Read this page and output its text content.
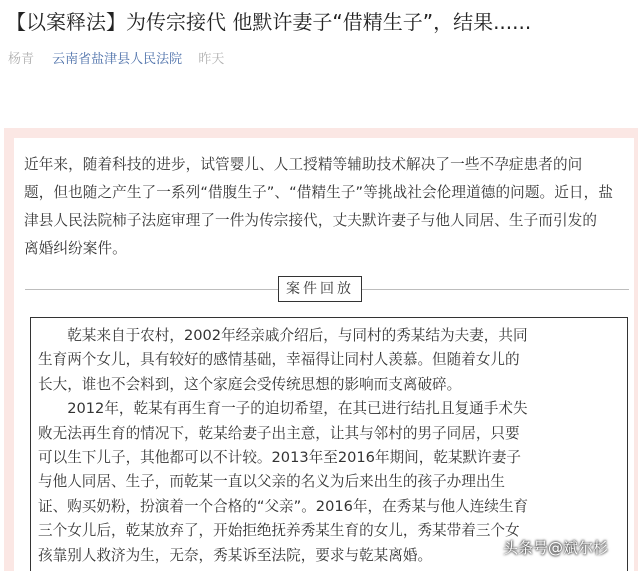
【以案释法】为传宗接代 他默许妻子“借精生子”，结果......
杨青 云南省盐津县人民法院 昨天
近年来，随着科技的进步，试管婴儿、人工授精等辅助技术解决了一些不孕症患者的问
题，但也随之产生了一系列“借腹生子”、“借精生子”等挑战社会伦理道德的问题。近日，盐
津县人民法院柿子法庭审理了一件为传宗接代，丈夫默许妻子与他人同居、生子而引发的
离婚纠纷案件。
案件回放
　　乾某来自于农村，2002年经亲戚介绍后，与同村的秀某结为夫妻，共同
生育两个女儿，具有较好的感情基础，幸福得让同村人羡慕。但随着女儿的
长大，谁也不会料到，这个家庭会受传统思想的影响而支离破碎。
　　2012年，乾某有再生育一子的迫切希望，在其已进行结扎且复通手术失
败无法再生育的情况下，乾某给妻子出主意，让其与邻村的男子同居，只要
可以生下儿子，其他都可以不计较。2013年至2016年期间，乾某默许妻子
与他人同居、生子，而乾某一直以父亲的名义为后来出生的孩子办理出生
证、购买奶粉，扮演着一个合格的“父亲”。2016年，在秀某与他人连续生育
三个女儿后，乾某放弃了，开始拒绝抚养秀某生育的女儿，秀某带着三个女
孩靠别人救济为生，无奈，秀某诉至法院，要求与乾某离婚。	头条号@斌尔杉
